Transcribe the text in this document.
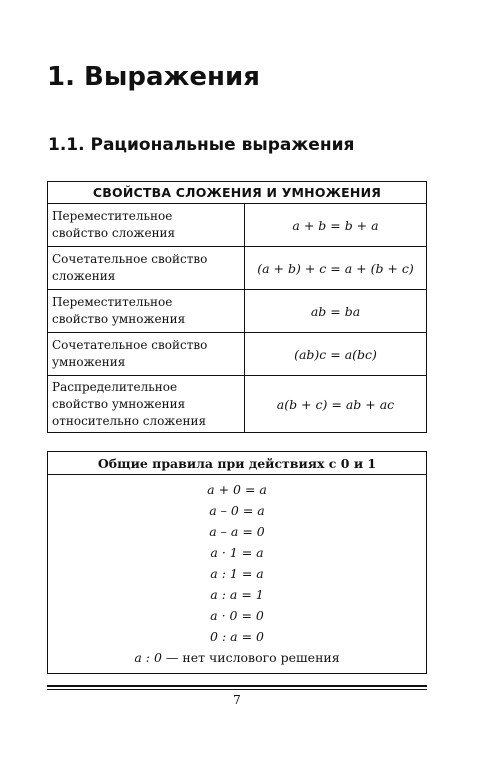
1. Выражения
1.1. Рациональные выражения
СВОЙСТВА СЛОЖЕНИЯ И УМНОЖЕНИЯ	
Переместительное
свойство сложения	a + b = b + a
Сочетательное свойство
сложения	(a + b) + c = a + (b + c)
Переместительное
свойство умножения	ab = ba
Сочетательное свойство
умножения	(ab)c = a(bc)
Распределительное
свойство умножения
относительно сложения	a(b + c) = ab + ac
Общие правила при действиях с 0 и 1

a + 0 = a
a – 0 = a
a – a = 0
a · 1 = a
a : 1 = a
a : a = 1
a · 0 = 0
0 : a = 0
a : 0 — нет числового решения
7
